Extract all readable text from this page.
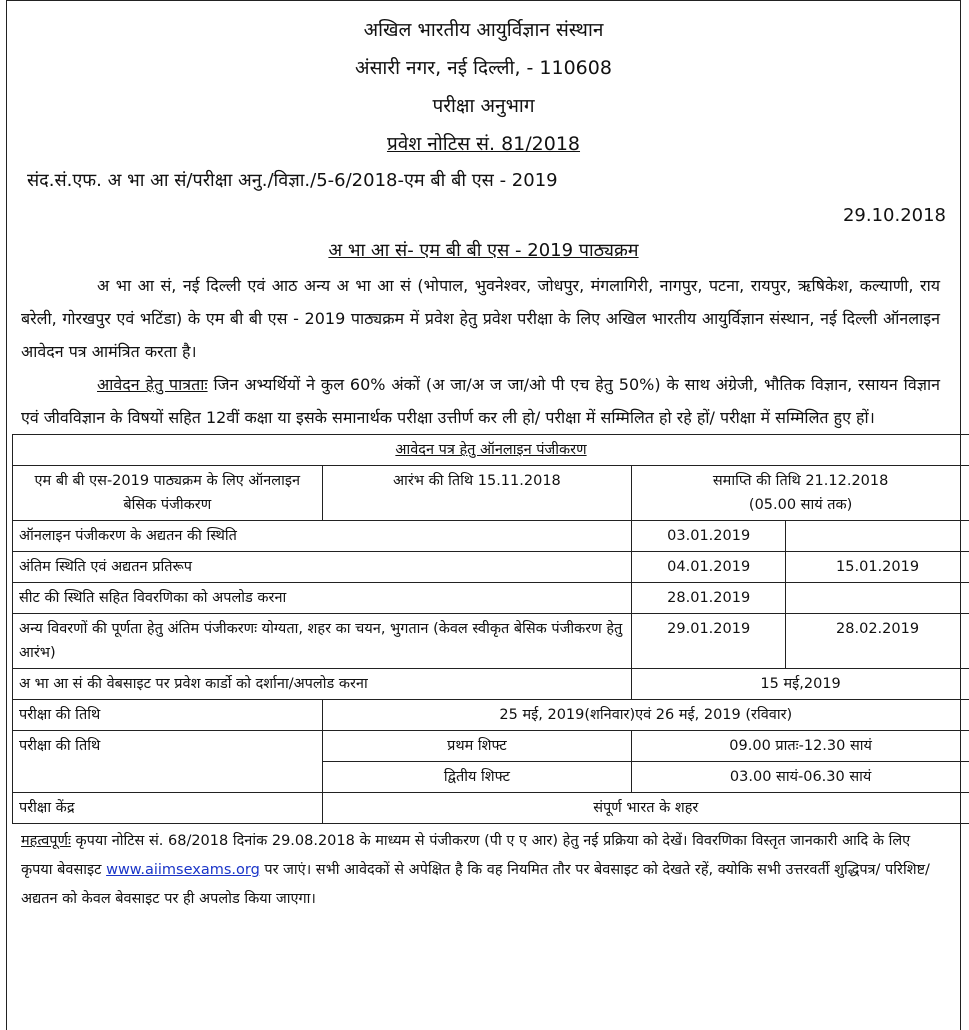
अखिल भारतीय आयुर्विज्ञान संस्थान
अंसारी नगर, नई दिल्ली, - 110608
परीक्षा अनुभाग
प्रवेश नोटिस सं. 81/2018
संद.सं.एफ. अ भा आ सं/परीक्षा अनु./विज्ञा./5-6/2018-एम बी बी एस - 2019
29.10.2018
अ भा आ सं- एम बी बी एस - 2019 पाठ्यक्रम
अ भा आ सं, नई दिल्ली एवं आठ अन्य अ भा आ सं (भोपाल, भुवनेश्वर, जोधपुर, मंगलागिरी, नागपुर, पटना, रायपुर, ऋषिकेश, कल्याणी, राय बरेली, गोरखपुर एवं भटिंडा) के एम बी बी एस - 2019 पाठ्यक्रम में प्रवेश हेतु प्रवेश परीक्षा के लिए अखिल भारतीय आयुर्विज्ञान संस्थान, नई दिल्ली ऑनलाइन आवेदन पत्र आमंत्रित करता है।
आवेदन हेतु पात्रताः जिन अभ्यर्थियों ने कुल 60% अंकों (अ जा/अ ज जा/ओ पी एच हेतु 50%) के साथ अंग्रेजी, भौतिक विज्ञान, रसायन विज्ञान एवं जीवविज्ञान के विषयों सहित 12वीं कक्षा या इसके समानार्थक परीक्षा उत्तीर्ण कर ली हो/ परीक्षा में सम्मिलित हो रहे हों/ परीक्षा में सम्मिलित हुए हों।
आवेदन पत्र हेतु ऑनलाइन पंजीकरण			
एम बी बी एस-2019 पाठ्यक्रम के लिए ऑनलाइन बेसिक पंजीकरण	आरंभ की तिथि 15.11.2018	समाप्ति की तिथि 21.12.2018
(05.00 सायं तक)	

ऑनलाइन पंजीकरण के अद्यतन की स्थिति		03.01.2019	
अंतिम स्थिति एवं अद्यतन प्रतिरूप		04.01.2019	15.01.2019
सीट की स्थिति सहित विवरणिका को अपलोड करना		28.01.2019	
अन्य विवरणों की पूर्णता हेतु अंतिम पंजीकरणः योग्यता, शहर का चयन, भुगतान (केवल स्वीकृत बेसिक पंजीकरण हेतु आरंभ)		29.01.2019	28.02.2019
अ भा आ सं की वेबसाइट पर प्रवेश कार्डो को दर्शाना/अपलोड करना		15 मई,2019	
परीक्षा की तिथि	25 मई, 2019(शनिवार)एवं 26 मई, 2019 (रविवार)		
परीक्षा की तिथि	प्रथम शिफ्ट	09.00 प्रातः-12.30 सायं	
	द्वितीय शिफ्ट	03.00 सायं-06.30 सायं	
परीक्षा केंद्र	संपूर्ण भारत के शहर		
महत्वपूर्णः कृपया नोटिस सं. 68/2018 दिनांक 29.08.2018 के माध्यम से पंजीकरण (पी ए ए आर) हेतु नई प्रक्रिया को देखें। विवरणिका विस्तृत जानकारी आदि के लिए कृपया बेवसाइट www.aiimsexams.org पर जाएं। सभी आवेदकों से अपेक्षित है कि वह नियमित तौर पर बेवसाइट को देखते रहें, क्योकि सभी उत्तरवर्ती शुद्धिपत्र/ परिशिष्ट/ अद्यतन को केवल बेवसाइट पर ही अपलोड किया जाएगा।
